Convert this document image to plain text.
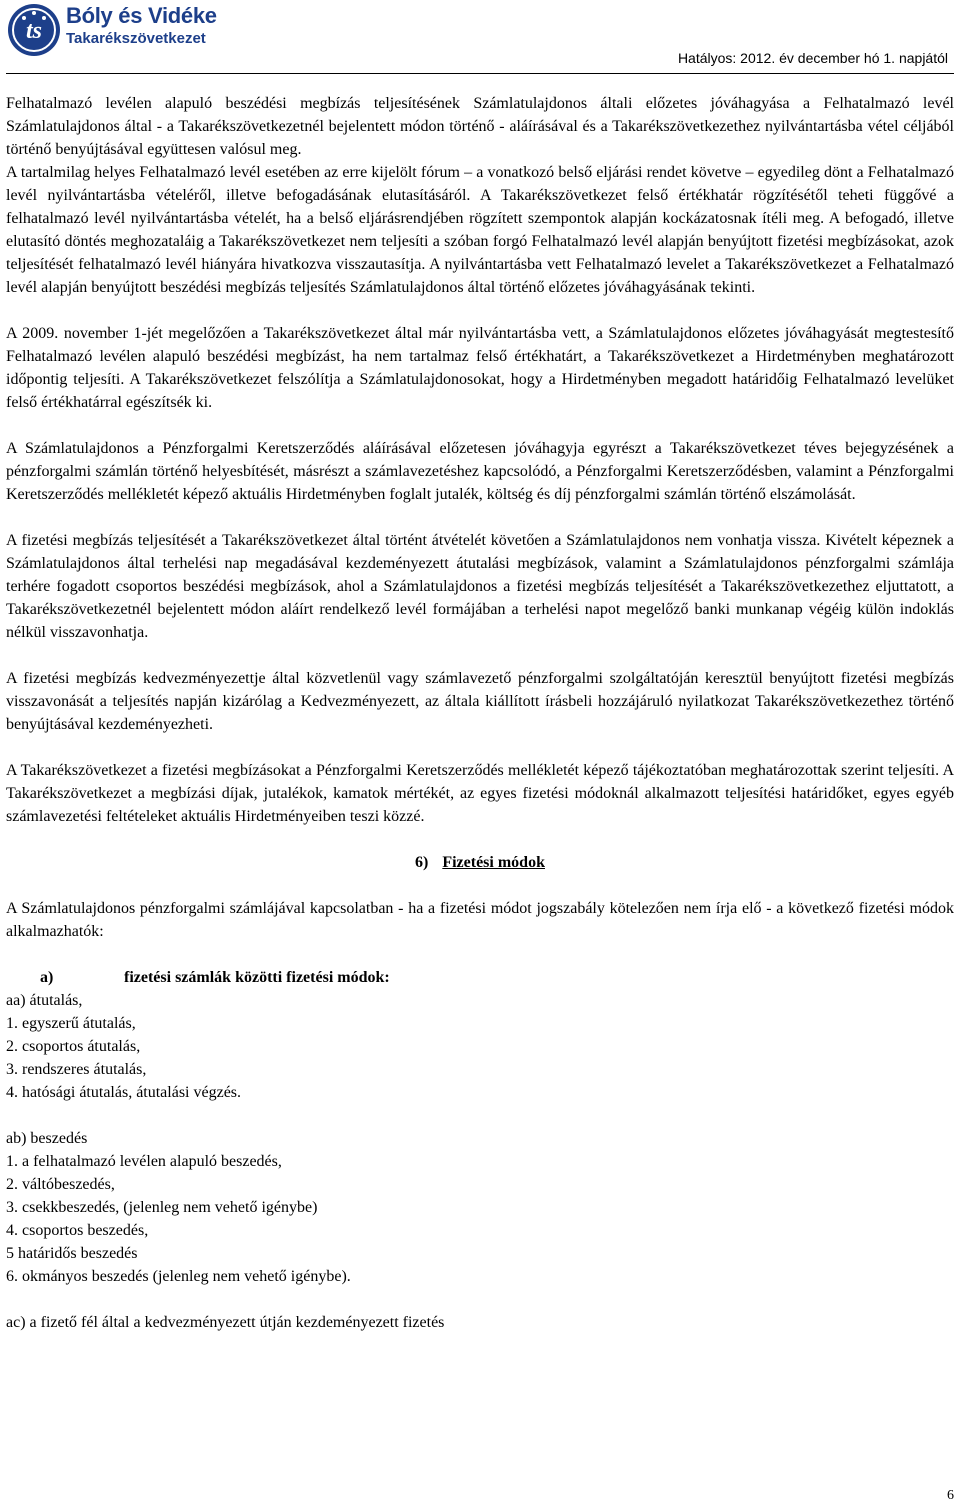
ts
Bóly és Vidéke
Takarékszövetkezet
Hatályos: 2012. év december hó 1. napjától

Felhatalmazó levélen alapuló beszédési megbízás teljesítésének Számlatulajdonos általi előzetes jóváhagyása a Felhatalmazó levél Számlatulajdonos által - a Takarékszövetkezetnél bejelentett módon történő - aláírásával és a Takarékszövetkezethez nyilvántartásba vétel céljából történő benyújtásával együttesen valósul meg.

A tartalmilag helyes Felhatalmazó levél esetében az erre kijelölt fórum – a vonatkozó belső eljárási rendet követve – egyedileg dönt a Felhatalmazó levél nyilvántartásba vételéről, illetve befogadásának elutasításáról. A Takarékszövetkezet felső értékhatár rögzítésétől teheti függővé a felhatalmazó levél nyilvántartásba vételét, ha a belső eljárásrendjében rögzített szempontok alapján kockázatosnak ítéli meg. A befogadó, illetve elutasító döntés meghozataláig a Takarékszövetkezet nem teljesíti a szóban forgó Felhatalmazó levél alapján benyújtott fizetési megbízásokat, azok teljesítését felhatalmazó levél hiányára hivatkozva visszautasítja. A nyilvántartásba vett Felhatalmazó levelet a Takarékszövetkezet a Felhatalmazó levél alapján benyújtott beszédési megbízás teljesítés Számlatulajdonos által történő előzetes jóváhagyásának tekinti.

A 2009. november 1-jét megelőzően a Takarékszövetkezet által már nyilvántartásba vett, a Számlatulajdonos előzetes jóváhagyását megtestesítő Felhatalmazó levélen alapuló beszédési megbízást, ha nem tartalmaz felső értékhatárt, a Takarékszövetkezet a Hirdetményben meghatározott időpontig teljesíti. A Takarékszövetkezet felszólítja a Számlatulajdonosokat, hogy a Hirdetményben megadott határidőig Felhatalmazó levelüket felső értékhatárral egészítsék ki.

A Számlatulajdonos a Pénzforgalmi Keretszerződés aláírásával előzetesen jóváhagyja egyrészt a Takarékszövetkezet téves bejegyzésének a pénzforgalmi számlán történő helyesbítését, másrészt a számlavezetéshez kapcsolódó, a Pénzforgalmi Keretszerződésben, valamint a Pénzforgalmi Keretszerződés mellékletét képező aktuális Hirdetményben foglalt jutalék, költség és díj pénzforgalmi számlán történő elszámolását.

A fizetési megbízás teljesítését a Takarékszövetkezet által történt átvételét követően a Számlatulajdonos nem vonhatja vissza. Kivételt képeznek a Számlatulajdonos által terhelési nap megadásával kezdeményezett átutalási megbízások, valamint a Számlatulajdonos pénzforgalmi számlája terhére fogadott csoportos beszédési megbízások, ahol a Számlatulajdonos a fizetési megbízás teljesítését a Takarékszövetkezethez eljuttatott, a Takarékszövetkezetnél bejelentett módon aláírt rendelkező levél formájában a terhelési napot megelőző banki munkanap végéig külön indoklás nélkül visszavonhatja.

A fizetési megbízás kedvezményezettje által közvetlenül vagy számlavezető pénzforgalmi szolgáltatóján keresztül benyújtott fizetési megbízás visszavonását a teljesítés napján kizárólag a Kedvezményezett, az általa kiállított írásbeli hozzájáruló nyilatkozat Takarékszövetkezethez történő benyújtásával kezdeményezheti.

A Takarékszövetkezet a fizetési megbízásokat a Pénzforgalmi Keretszerződés mellékletét képező tájékoztatóban meghatározottak szerint teljesíti. A Takarékszövetkezet a megbízási díjak, jutalékok, kamatok mértékét, az egyes fizetési módoknál alkalmazott teljesítési határidőket, egyes egyéb számlavezetési feltételeket aktuális Hirdetményeiben teszi közzé.

6) Fizetési módok

A Számlatulajdonos pénzforgalmi számlájával kapcsolatban - ha a fizetési módot jogszabály kötelezően nem írja elő - a következő fizetési módok alkalmazhatók:

a)	fizetési számlák közötti fizetési módok:

aa) átutalás,
1. egyszerű átutalás,
2. csoportos átutalás,
3. rendszeres átutalás,
4. hatósági átutalás, átutalási végzés.
ab) beszedés
1. a felhatalmazó levélen alapuló beszedés,
2. váltóbeszedés,
3. csekkbeszedés, (jelenleg nem vehető igénybe)
4. csoportos beszedés,
5 határidős beszedés
6. okmányos beszedés (jelenleg nem vehető igénybe).
ac) a fizető fél által a kedvezményezett útján kezdeményezett fizetés
6
